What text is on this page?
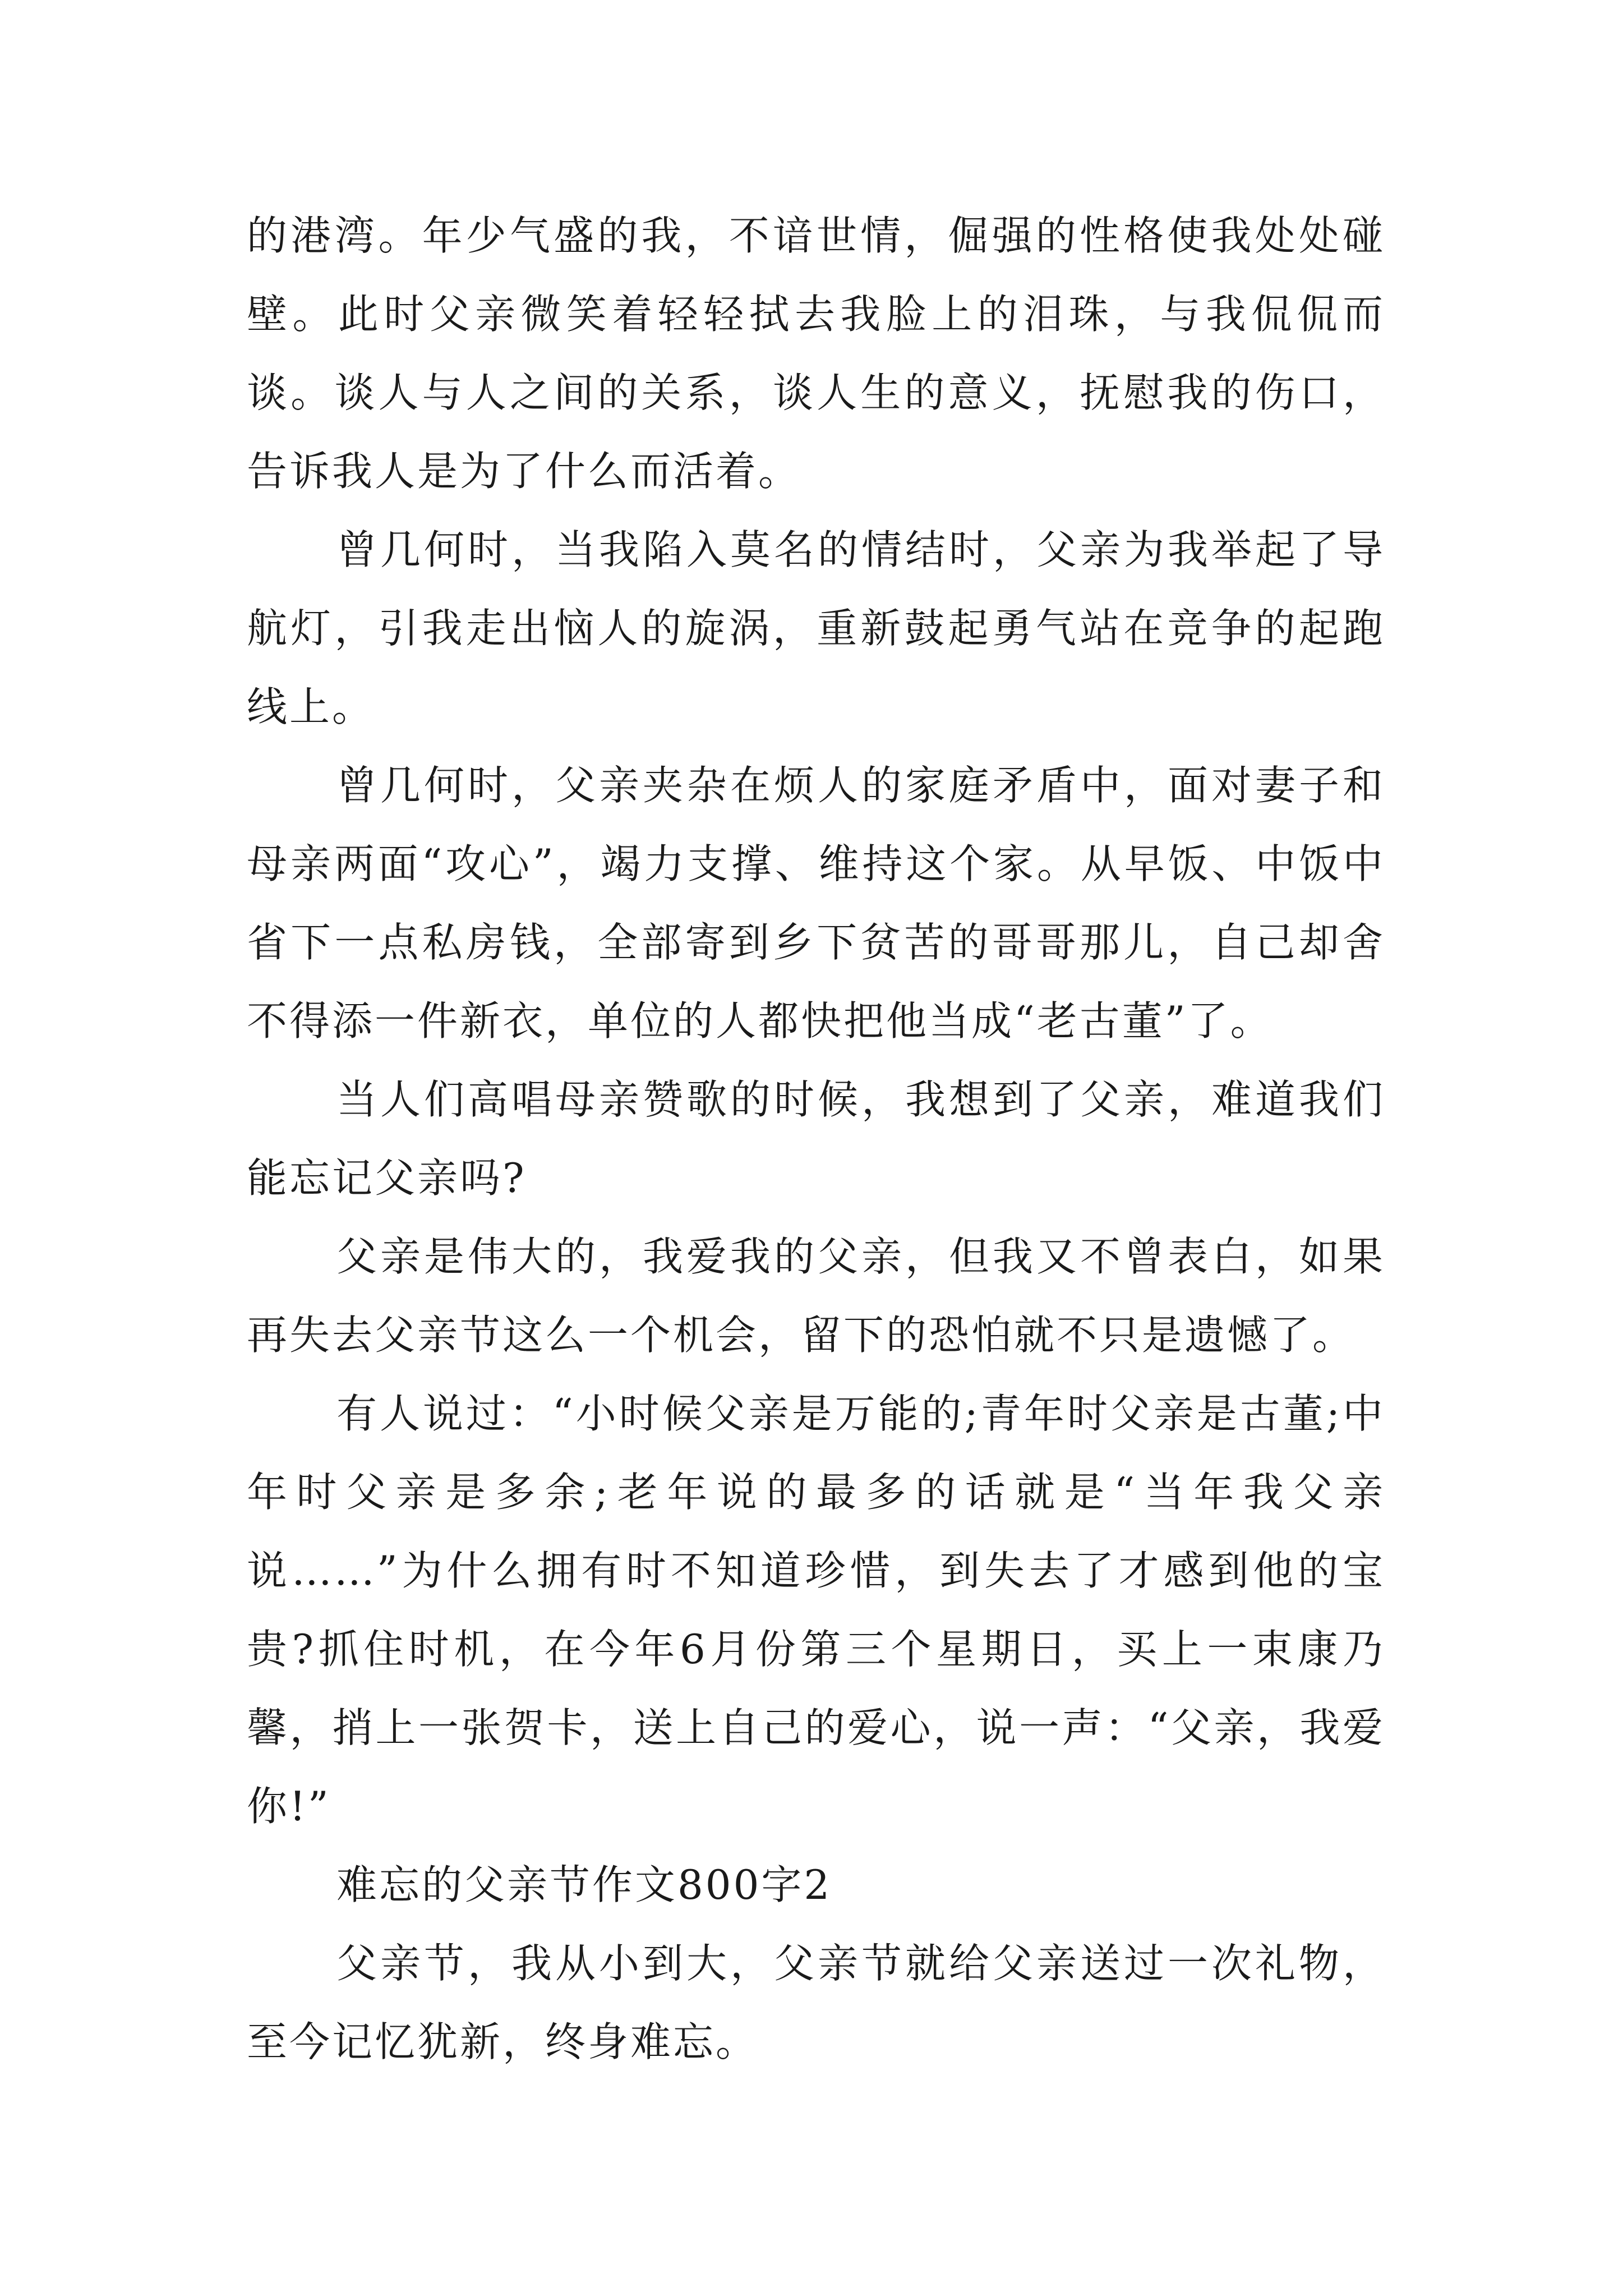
的港湾。年少气盛的我，不谙世情，倔强的性格使我处处碰壁。此时父亲微笑着轻轻拭去我脸上的泪珠，与我侃侃而谈。谈人与人之间的关系，谈人生的意义，抚慰我的伤口，告诉我人是为了什么而活着。

曾几何时，当我陷入莫名的情结时，父亲为我举起了导航灯，引我走出恼人的旋涡，重新鼓起勇气站在竞争的起跑线上。

曾几何时，父亲夹杂在烦人的家庭矛盾中，面对妻子和母亲两面“攻心”，竭力支撑、维持这个家。从早饭、中饭中省下一点私房钱，全部寄到乡下贫苦的哥哥那儿，自己却舍不得添一件新衣，单位的人都快把他当成“老古董”了。

当人们高唱母亲赞歌的时候，我想到了父亲，难道我们能忘记父亲吗?

父亲是伟大的，我爱我的父亲，但我又不曾表白，如果再失去父亲节这么一个机会，留下的恐怕就不只是遗憾了。

有人说过：“小时候父亲是万能的;青年时父亲是古董;中年时父亲是多余;老年说的最多的话就是“当年我父亲说……”为什么拥有时不知道珍惜，到失去了才感到他的宝贵?抓住时机，在今年6月份第三个星期日，买上一束康乃馨，捎上一张贺卡，送上自己的爱心，说一声：“父亲，我爱你!”

难忘的父亲节作文800字2

父亲节，我从小到大，父亲节就给父亲送过一次礼物，至今记忆犹新，终身难忘。
